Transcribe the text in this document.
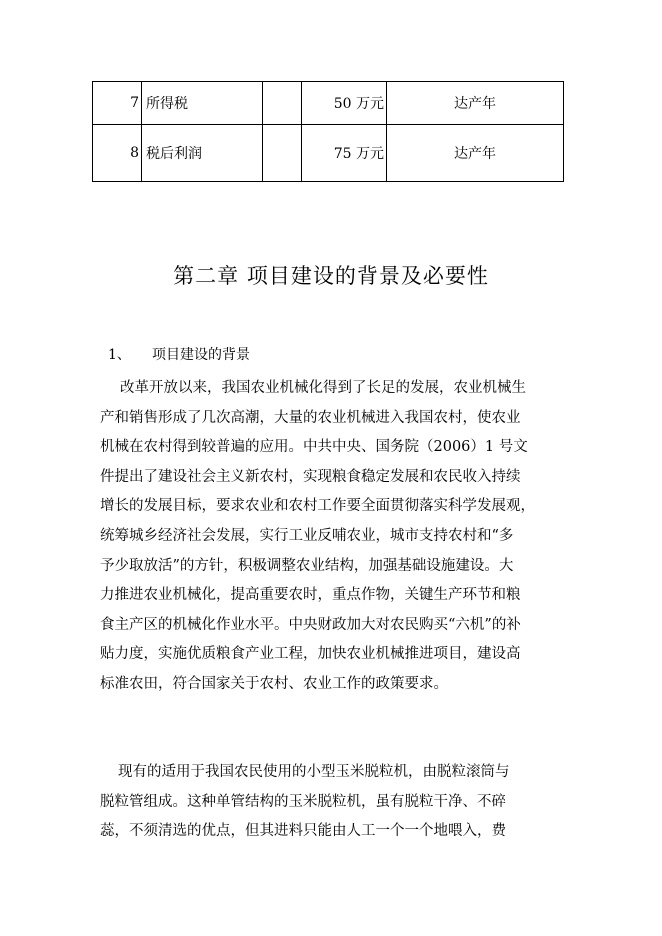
7	所得税		50 万元	达产年
8	税后利润		75 万元	达产年
第二章 项目建设的背景及必要性
1、 项目建设的背景

改革开放以来，我国农业机械化得到了长足的发展，农业机械生
产和销售形成了几次高潮，大量的农业机械进入我国农村，使农业
机械在农村得到较普遍的应用。中共中央、国务院（2006）1 号文
件提出了建设社会主义新农村，实现粮食稳定发展和农民收入持续
增长的发展目标，要求农业和农村工作要全面贯彻落实科学发展观，
统筹城乡经济社会发展，实行工业反哺农业，城市支持农村和“多
予少取放活”的方针，积极调整农业结构，加强基础设施建设。大
力推进农业机械化，提高重要农时，重点作物，关键生产环节和粮
食主产区的机械化作业水平。中央财政加大对农民购买“六机”的补
贴力度，实施优质粮食产业工程，加快农业机械推进项目，建设高
标准农田，符合国家关于农村、农业工作的政策要求。

现有的适用于我国农民使用的小型玉米脱粒机，由脱粒滚筒与
脱粒管组成。这种单管结构的玉米脱粒机，虽有脱粒干净、不碎
蕊，不须清选的优点，但其进料只能由人工一个一个地喂入，费
